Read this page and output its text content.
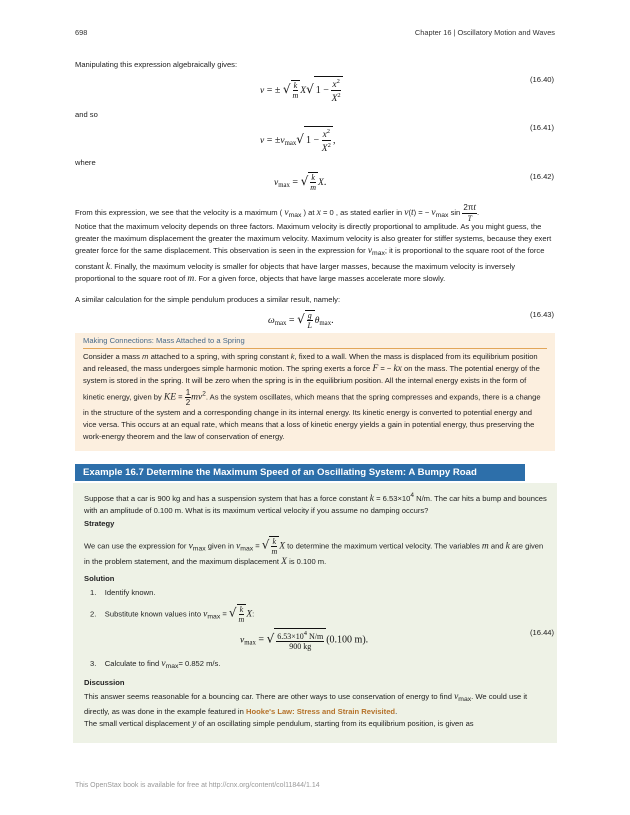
698	Chapter 16 | Oscillatory Motion and Waves

Manipulating this expression algebraically gives:

v = ± √ $\frac{k}{m} X√$ $1 - \frac{x^2}{X^2}$	(16.40)

and so

$v = \pm v_{max}√$ $1 - \frac{x^2}{X^2}$ ,
(16.41)

where

$v_{max}$ = √ $\frac{k}{m} X$.
(16.42)

From this expression, we see that the velocity is a maximum ( vmax ) at x = 0 , as stated earlier in v(t) = − vmax $\sin \frac{2\pi t}{T}$ .

Notice that the maximum velocity depends on three factors. Maximum velocity is directly proportional to amplitude. As you might guess, the greater the maximum displacement the greater the maximum velocity. Maximum velocity is also greater for stiffer systems, because they exert greater force for the same displacement. This observation is seen in the expression for vmax; it is proportional to the square root of the force constant k. Finally, the maximum velocity is smaller for objects that have larger masses, because the maximum velocity is inversely proportional to the square root of m. For a given force, objects that have large masses accelerate more slowly.

A similar calculation for the simple pendulum produces a similar result, namely:

$\omega_{max}$ = √ $\frac{g}{L} \theta_{max}$.
(16.43)
Making Connections: Mass Attached to a Spring

Consider a mass m attached to a spring, with spring constant k, fixed to a wall. When the mass is displaced from its equilibrium position and released, the mass undergoes simple harmonic motion. The spring exerts a force F = − kx on the mass. The potential energy of the system is stored in the spring. It will be zero when the spring is in the equilibrium position. All the internal energy exists in the form of kinetic energy, given by KE = $\frac{1}{2} mv^2$. As the system oscillates, which means that the spring compresses and expands, there is a change in the structure of the system and a corresponding change in its internal energy. Its kinetic energy is converted to potential energy and vice versa. This occurs at an equal rate, which means that a loss of kinetic energy yields a gain in potential energy, thus preserving the work-energy theorem and the law of conservation of energy.

Example 16.7 Determine the Maximum Speed of an Oscillating System: A Bumpy Road

Suppose that a car is 900 kg and has a suspension system that has a force constant $k = 6.53\times 10^4$ N/m. The car hits a bump and bounces with an amplitude of 0.100 m. What is its maximum vertical velocity if you assume no damping occurs?

Strategy

We can use the expression for vmax given in vmax = √ $\frac{k}{m}$ X to determine the maximum vertical velocity. The variables m and k are given in the problem statement, and the maximum displacement X is 0.100 m.

Solution
1. Identify known.
2. Substitute known values into vmax = √ $\frac{k}{m} X$:
$v_{max}$ = √ $\frac{6.53\times 10^4 N/m}{900 kg} (0.100$ m).
(16.44)
3. Calculate to find vmax= 0.852 m/s.
Discussion

This answer seems reasonable for a bouncing car. There are other ways to use conservation of energy to find vmax. We could use it directly, as was done in the example featured in Hooke's Law: Stress and Strain Revisited.

The small vertical displacement y of an oscillating simple pendulum, starting from its equilibrium position, is given as

This OpenStax book is available for free at http://cnx.org/content/col11844/1.14
